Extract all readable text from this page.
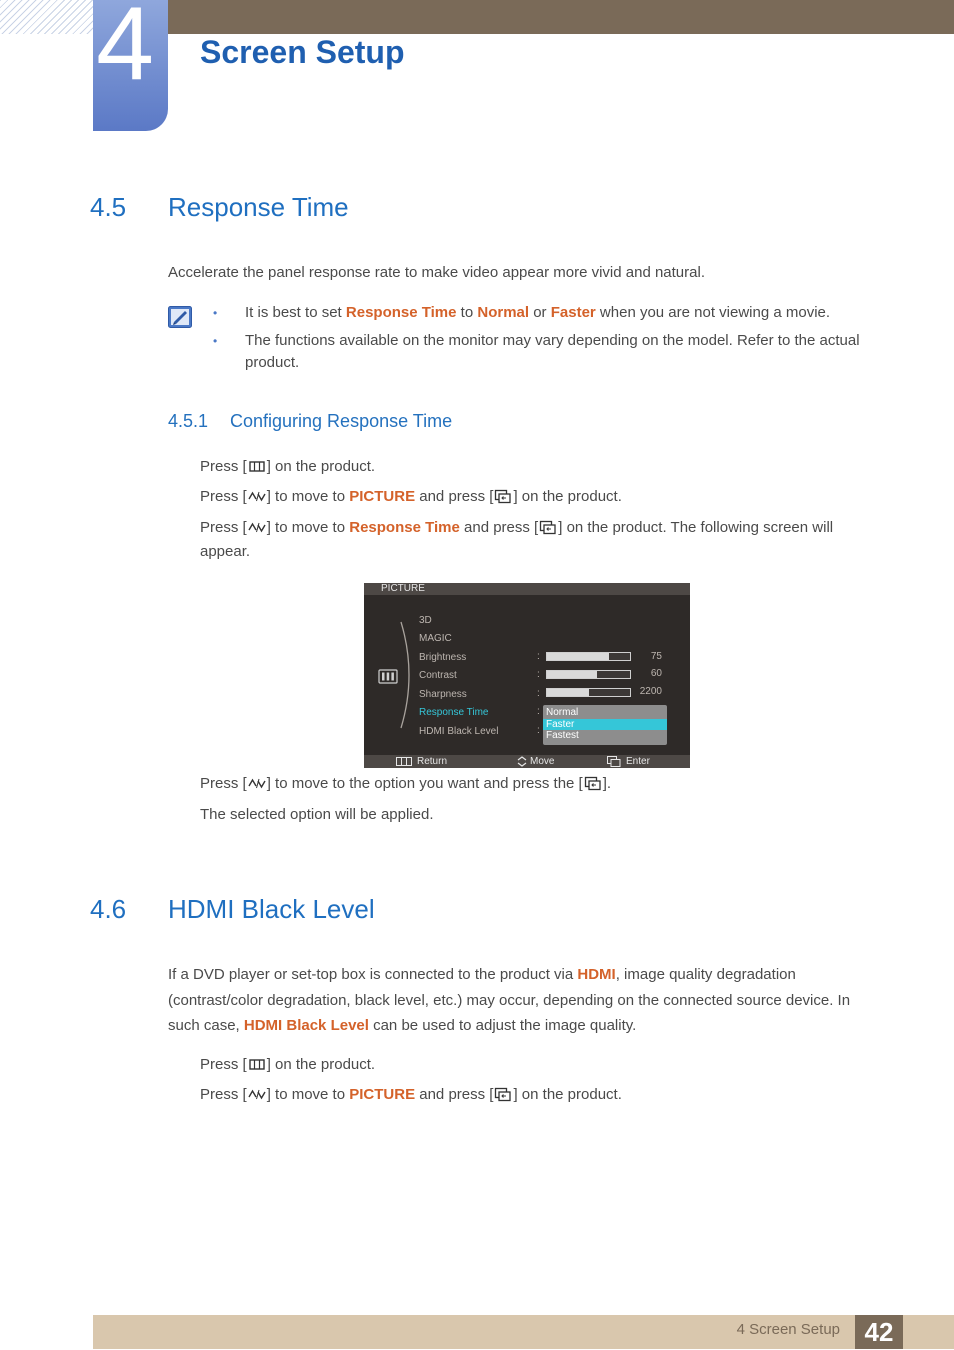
4 Screen Setup
4.5 Response Time
Accelerate the panel response rate to make video appear more vivid and natural.
• It is best to set Response Time to Normal or Faster when you are not viewing a movie.
• The functions available on the monitor may vary depending on the model. Refer to the actual
product.
4.5.1 Configuring Response Time
Press [ ] on the product.
Press [ ] to move to PICTURE and press [ ] on the product.
Press [ ] to move to Response Time and press [ ] on the product. The following screen will
appear.
PICTURE
Return	Move	Enter
3D
MAGIC
Brightness
Contrast
Sharpness
Response Time
HDMI Black Level
:
:
:
:
:
75
60
2200
Normal
Faster
Fastest
Press [ ] to move to the option you want and press the [ ].
The selected option will be applied.
4.6 HDMI Black Level
If a DVD player or set-top box is connected to the product via HDMI, image quality degradation
(contrast/color degradation, black level, etc.) may occur, depending on the connected source device. In
such case, HDMI Black Level can be used to adjust the image quality.
Press [ ] on the product.
Press [ ] to move to PICTURE and press [ ] on the product.
4 Screen Setup 42
